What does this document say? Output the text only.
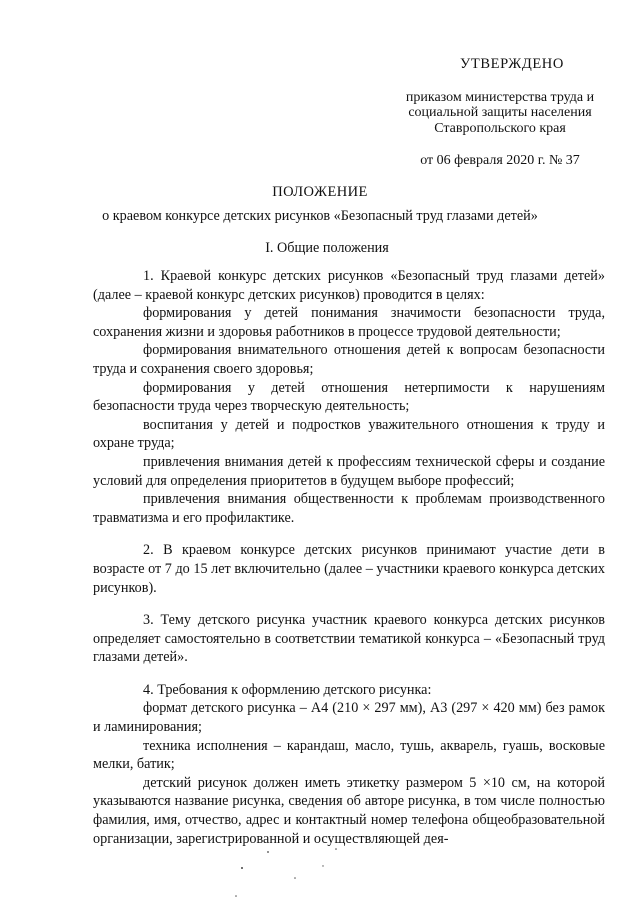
УТВЕРЖДЕНО
приказом министерства труда и
социальной защиты населения
Ставропольского края
от 06 февраля 2020 г. № 37
ПОЛОЖЕНИЕ
о краевом конкурсе детских рисунков «Безопасный труд глазами детей»
I. Общие положения

1. Краевой конкурс детских рисунков «Безопасный труд глазами детей» (далее – краевой конкурс детских рисунков) проводится в целях:

формирования у детей понимания значимости безопасности труда, сохранения жизни и здоровья работников в процессе трудовой деятельности;

формирования внимательного отношения детей к вопросам безопасности труда и сохранения своего здоровья;

формирования у детей отношения нетерпимости к нарушениям безопасности труда через творческую деятельность;

воспитания у детей и подростков уважительного отношения к труду и охране труда;

привлечения внимания детей к профессиям технической сферы и создание условий для определения приоритетов в будущем выборе профессий;

привлечения внимания общественности к проблемам производственного травматизма и его профилактике.

2. В краевом конкурсе детских рисунков принимают участие дети в возрасте от 7 до 15 лет включительно (далее – участники краевого конкурса детских рисунков).

3. Тему детского рисунка участник краевого конкурса детских рисунков определяет самостоятельно в соответствии тематикой конкурса – «Безопасный труд глазами детей».

4. Требования к оформлению детского рисунка:

формат детского рисунка – А4 (210 × 297 мм), А3 (297 × 420 мм) без рамок и ламинирования;

техника исполнения – карандаш, масло, тушь, акварель, гуашь, восковые мелки, батик;

детский рисунок должен иметь этикетку размером 5 ×10 см, на которой указываются название рисунка, сведения об авторе рисунка, в том числе полностью фамилия, имя, отчество, адрес и контактный номер телефона общеобразовательной организации, зарегистрированной и осуществляющей дея-
